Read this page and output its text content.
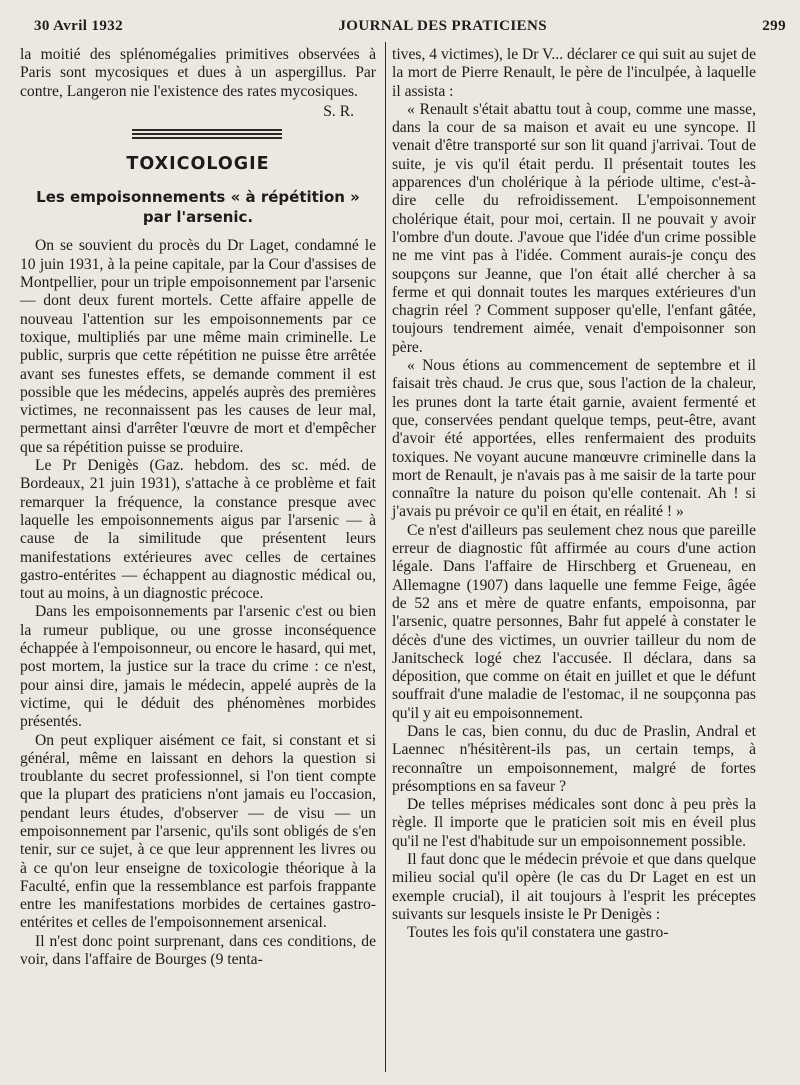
30 Avril 1932	JOURNAL DES PRATICIENS	299

la moitié des splénomégalies primitives observées à Paris sont mycosiques et dues à un aspergillus. Par contre, Langeron nie l'existence des rates mycosiques.

S. R.
TOXICOLOGIE
Les empoisonnements « à répétition » par l'arsenic.

On se souvient du procès du Dr Laget, condamné le 10 juin 1931, à la peine capitale, par la Cour d'assises de Montpellier, pour un triple empoisonnement par l'arsenic — dont deux furent mortels. Cette affaire appelle de nouveau l'attention sur les empoisonnements par ce toxique, multipliés par une même main criminelle. Le public, surpris que cette répétition ne puisse être arrêtée avant ses funestes effets, se demande comment il est possible que les médecins, appelés auprès des premières victimes, ne reconnaissent pas les causes de leur mal, permettant ainsi d'arrêter l'œuvre de mort et d'empêcher que sa répétition puisse se produire.

Le Pr Denigès (Gaz. hebdom. des sc. méd. de Bordeaux, 21 juin 1931), s'attache à ce problème et fait remarquer la fréquence, la constance presque avec laquelle les empoisonnements aigus par l'arsenic — à cause de la similitude que présentent leurs manifestations extérieures avec celles de certaines gastro-entérites — échappent au diagnostic médical ou, tout au moins, à un diagnostic précoce.

Dans les empoisonnements par l'arsenic c'est ou bien la rumeur publique, ou une grosse inconséquence échappée à l'empoisonneur, ou encore le hasard, qui met, post mortem, la justice sur la trace du crime : ce n'est, pour ainsi dire, jamais le médecin, appelé auprès de la victime, qui le déduit des phénomènes morbides présentés.

On peut expliquer aisément ce fait, si constant et si général, même en laissant en dehors la question si troublante du secret professionnel, si l'on tient compte que la plupart des praticiens n'ont jamais eu l'occasion, pendant leurs études, d'observer — de visu — un empoisonnement par l'arsenic, qu'ils sont obligés de s'en tenir, sur ce sujet, à ce que leur apprennent les livres ou à ce qu'on leur enseigne de toxicologie théorique à la Faculté, enfin que la ressemblance est parfois frappante entre les manifestations morbides de certaines gastro-entérites et celles de l'empoisonnement arsenical.

Il n'est donc point surprenant, dans ces conditions, de voir, dans l'affaire de Bourges (9 tenta-

tives, 4 victimes), le Dr V... déclarer ce qui suit au sujet de la mort de Pierre Renault, le père de l'inculpée, à laquelle il assista :

« Renault s'était abattu tout à coup, comme une masse, dans la cour de sa maison et avait eu une syncope. Il venait d'être transporté sur son lit quand j'arrivai. Tout de suite, je vis qu'il était perdu. Il présentait toutes les apparences d'un cholérique à la période ultime, c'est-à-dire celle du refroidissement. L'empoisonnement cholérique était, pour moi, certain. Il ne pouvait y avoir l'ombre d'un doute. J'avoue que l'idée d'un crime possible ne me vint pas à l'idée. Comment aurais-je conçu des soupçons sur Jeanne, que l'on était allé chercher à sa ferme et qui donnait toutes les marques extérieures d'un chagrin réel ? Comment supposer qu'elle, l'enfant gâtée, toujours tendrement aimée, venait d'empoisonner son père.

« Nous étions au commencement de septembre et il faisait très chaud. Je crus que, sous l'action de la chaleur, les prunes dont la tarte était garnie, avaient fermenté et que, conservées pendant quelque temps, peut-être, avant d'avoir été apportées, elles renfermaient des produits toxiques. Ne voyant aucune manœuvre criminelle dans la mort de Renault, je n'avais pas à me saisir de la tarte pour connaître la nature du poison qu'elle contenait. Ah ! si j'avais pu prévoir ce qu'il en était, en réalité ! »

Ce n'est d'ailleurs pas seulement chez nous que pareille erreur de diagnostic fût affirmée au cours d'une action légale. Dans l'affaire de Hirschberg et Grueneau, en Allemagne (1907) dans laquelle une femme Feige, âgée de 52 ans et mère de quatre enfants, empoisonna, par l'arsenic, quatre personnes, Bahr fut appelé à constater le décès d'une des victimes, un ouvrier tailleur du nom de Janitscheck logé chez l'accusée. Il déclara, dans sa déposition, que comme on était en juillet et que le défunt souffrait d'une maladie de l'estomac, il ne soupçonna pas qu'il y ait eu empoisonnement.

Dans le cas, bien connu, du duc de Praslin, Andral et Laennec n'hésitèrent-ils pas, un certain temps, à reconnaître un empoisonnement, malgré de fortes présomptions en sa faveur ?

De telles méprises médicales sont donc à peu près la règle. Il importe que le praticien soit mis en éveil plus qu'il ne l'est d'habitude sur un empoisonnement possible.

Il faut donc que le médecin prévoie et que dans quelque milieu social qu'il opère (le cas du Dr Laget en est un exemple crucial), il ait toujours à l'esprit les préceptes suivants sur lesquels insiste le Pr Denigès :

Toutes les fois qu'il constatera une gastro-
